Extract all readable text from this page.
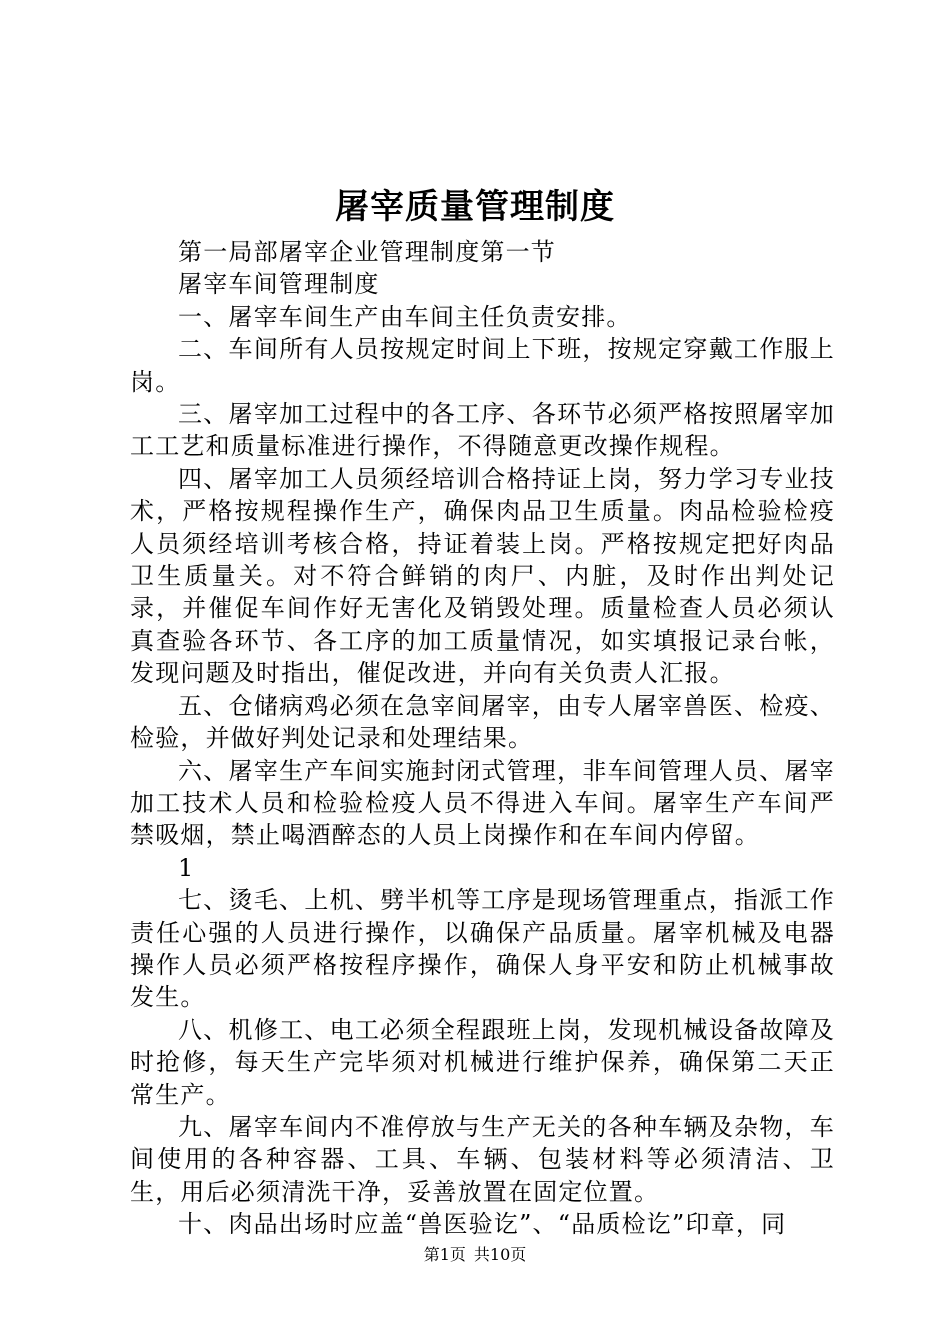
屠宰质量管理制度

第一局部屠宰企业管理制度第一节

屠宰车间管理制度

一、屠宰车间生产由车间主任负责安排。

二、车间所有人员按规定时间上下班，按规定穿戴工作服上岗。

三、屠宰加工过程中的各工序、各环节必须严格按照屠宰加工工艺和质量标准进行操作，不得随意更改操作规程。

四、屠宰加工人员须经培训合格持证上岗，努力学习专业技术，严格按规程操作生产，确保肉品卫生质量。肉品检验检疫人员须经培训考核合格，持证着装上岗。严格按规定把好肉品卫生质量关。对不符合鲜销的肉尸、内脏，及时作出判处记录，并催促车间作好无害化及销毁处理。质量检查人员必须认真查验各环节、各工序的加工质量情况，如实填报记录台帐，发现问题及时指出，催促改进，并向有关负责人汇报。

五、仓储病鸡必须在急宰间屠宰，由专人屠宰兽医、检疫、检验，并做好判处记录和处理结果。

六、屠宰生产车间实施封闭式管理，非车间管理人员、屠宰加工技术人员和检验检疫人员不得进入车间。屠宰生产车间严禁吸烟，禁止喝酒醉态的人员上岗操作和在车间内停留。

1

七、烫毛、上机、劈半机等工序是现场管理重点，指派工作责任心强的人员进行操作，以确保产品质量。屠宰机械及电器操作人员必须严格按程序操作，确保人身平安和防止机械事故发生。

八、机修工、电工必须全程跟班上岗，发现机械设备故障及时抢修，每天生产完毕须对机械进行维护保养，确保第二天正常生产。

九、屠宰车间内不准停放与生产无关的各种车辆及杂物，车间使用的各种容器、工具、车辆、包装材料等必须清洁、卫生，用后必须清洗干净，妥善放置在固定位置。

十、肉品出场时应盖“兽医验讫”、“品质检讫”印章，同

第1页 共10页
